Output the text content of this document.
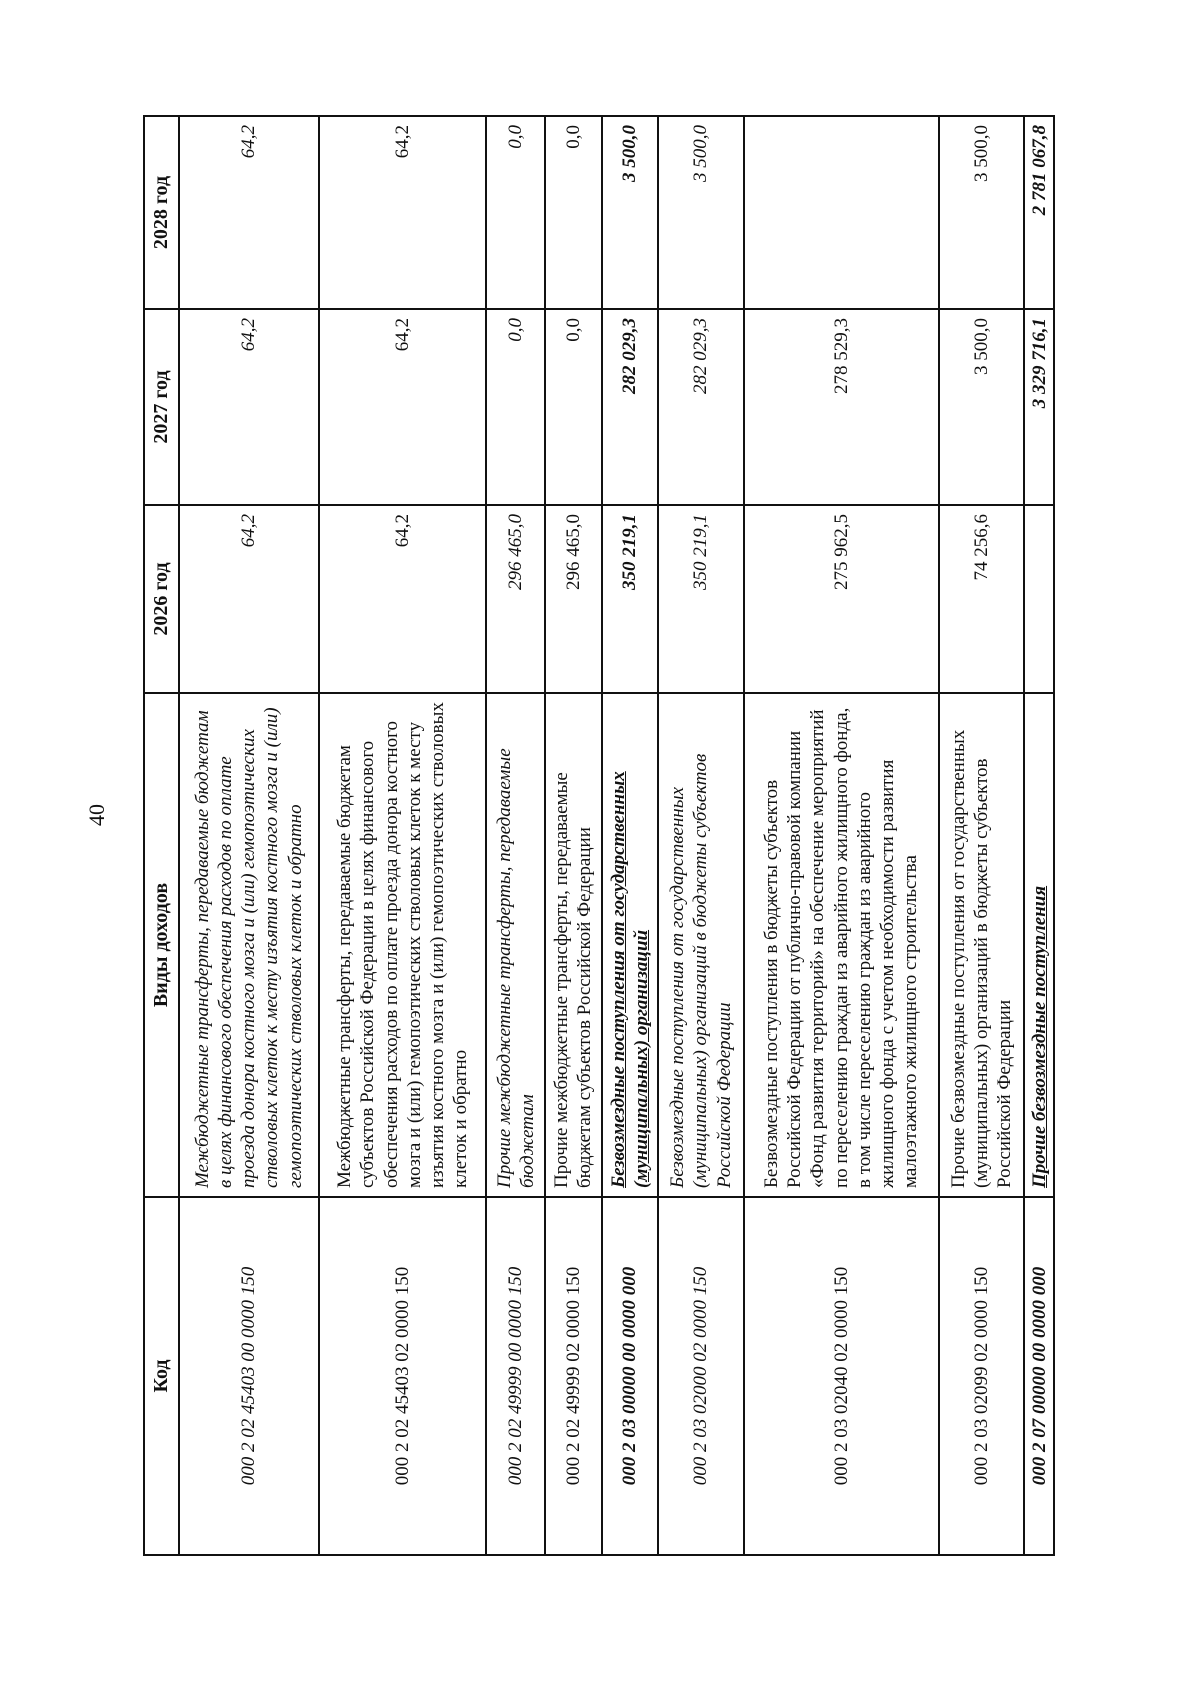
40
Код	Виды доходов	2026 год	2027 год	2028 год
000 2 02 45403 00 0000 150	Межбюджетные трансферты, передаваемые бюджетам в целях финансового обеспечения расходов по оплате проезда донора костного мозга и (или) гемопоэтических стволовых клеток к месту изъятия костного мозга и (или) гемопоэтических стволовых клеток и обратно	64,2	64,2	64,2
000 2 02 45403 02 0000 150	Межбюджетные трансферты, передаваемые бюджетам субъектов Российской Федерации в целях финансового обеспечения расходов по оплате проезда донора костного мозга и (или) гемопоэтических стволовых клеток к месту изъятия костного мозга и (или) гемопоэтических стволовых клеток и обратно	64,2	64,2	64,2
000 2 02 49999 00 0000 150	Прочие межбюджетные трансферты, передаваемые бюджетам	296 465,0	0,0	0,0
000 2 02 49999 02 0000 150	Прочие межбюджетные трансферты, передаваемые бюджетам субъектов Российской Федерации	296 465,0	0,0	0,0
000 2 03 00000 00 0000 000	Безвозмездные поступления от государственных (муниципальных) организаций	350 219,1	282 029,3	3 500,0
000 2 03 02000 02 0000 150	Безвозмездные поступления от государственных (муниципальных) организаций в бюджеты субъектов Российской Федерации	350 219,1	282 029,3	3 500,0
000 2 03 02040 02 0000 150	Безвозмездные поступления в бюджеты субъектов Российской Федерации от публично-правовой компании «Фонд развития территорий» на обеспечение мероприятий по переселению граждан из аварийного жилищного фонда, в том числе переселению граждан из аварийного жилищного фонда с учетом необходимости развития малоэтажного жилищного строительства	275 962,5	278 529,3	
000 2 03 02099 02 0000 150	Прочие безвозмездные поступления от государственных (муниципальных) организаций в бюджеты субъектов Российской Федерации	74 256,6	3 500,0	3 500,0
000 2 07 00000 00 0000 000	Прочие безвозмездные поступления		3 329 716,1	2 781 067,8
